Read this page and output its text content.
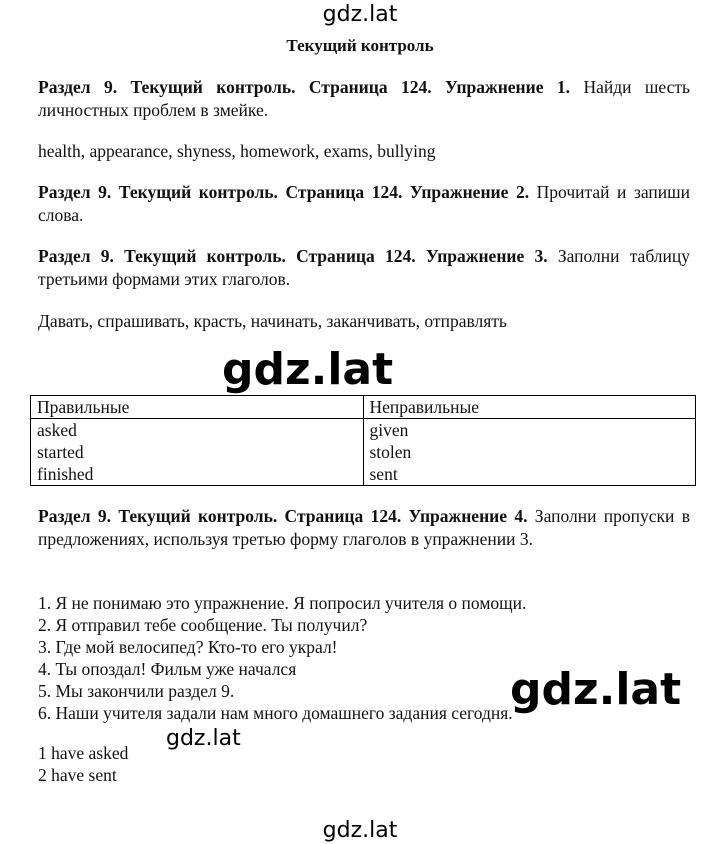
gdz.lat
Текущий контроль
Раздел 9. Текущий контроль. Страница 124. Упражнение 1. Найди шесть личностных проблем в змейке.
health, appearance, shyness, homework, exams, bullying
Раздел 9. Текущий контроль. Страница 124. Упражнение 2. Прочитай и запиши слова.
Раздел 9. Текущий контроль. Страница 124. Упражнение 3. Заполни таблицу третьими формами этих глаголов.
Давать, спрашивать, красть, начинать, заканчивать, отправлять
gdz.lat
Правильные	Неправильные
asked	given
started	stolen
finished	sent
Раздел 9. Текущий контроль. Страница 124. Упражнение 4. Заполни пропуски в предложениях, используя третью форму глаголов в упражнении 3.
1. Я не понимаю это упражнение. Я попросил учителя о помощи.
2. Я отправил тебе сообщение. Ты получил?
3. Где мой велосипед? Кто-то его украл!
4. Ты опоздал! Фильм уже начался
5. Мы закончили раздел 9.
6. Наши учителя задали нам много домашнего задания сегодня.
gdz.lat
gdz.lat
1 have asked
2 have sent
gdz.lat
